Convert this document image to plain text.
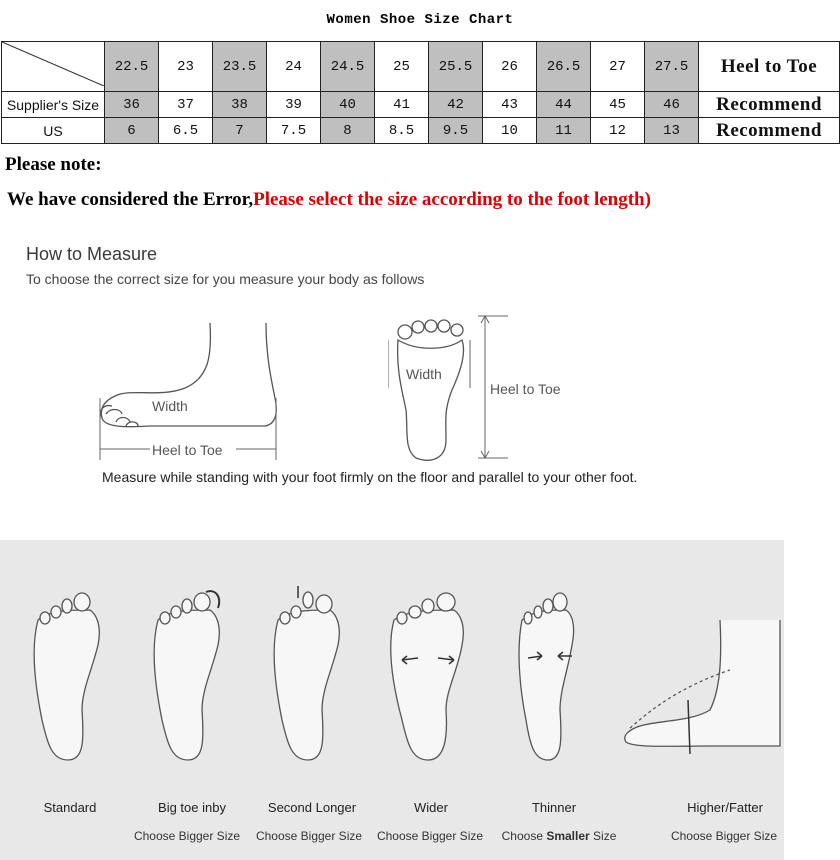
Women Shoe Size Chart
	22.5	23	23.5	24	24.5	25	25.5	26	26.5	27	27.5	Heel to Toe
Supplier's Size	36	37	38	39	40	41	42	43	44	45	46	Recommend
US	6	6.5	7	7.5	8	8.5	9.5	10	11	12	13	Recommend
Please note:
We have considered the Error,Please select the size according to the foot length)
How to Measure
To choose the correct size for you measure your body as follows
Width
Heel to Toe
Width
Heel to Toe
Measure while standing with your foot firmly on the floor and parallel to your other foot.
Standard	Big toe inby
Choose Bigger Size
Second Longer
Choose Bigger Size
Wider
Choose Bigger Size
Thinner
Choose Smaller Size
Higher/Fatter
Choose Bigger Size
